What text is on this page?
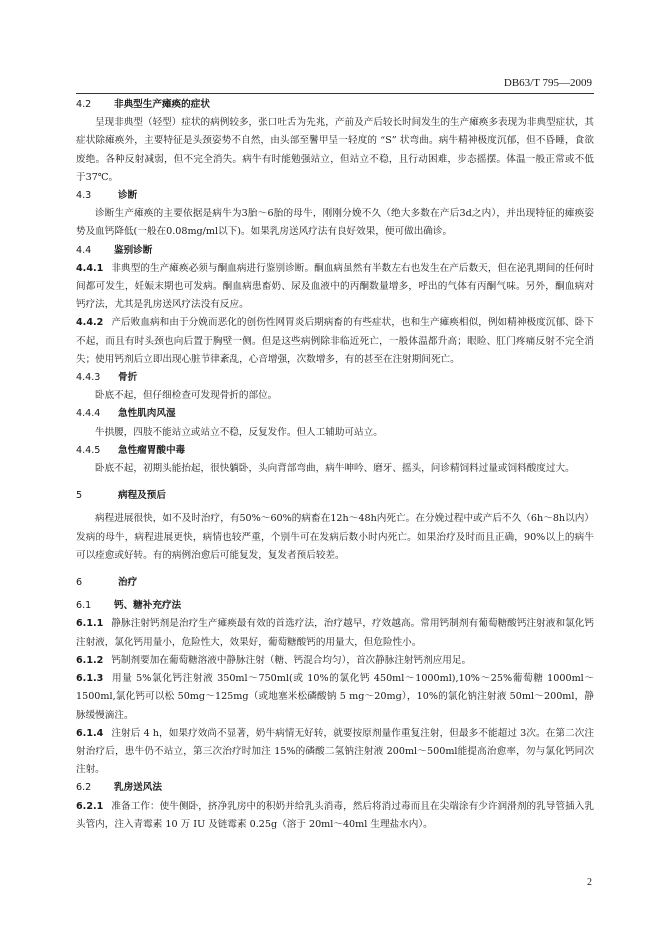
DB63/T 795—2009
4.2 非典型生产瘫痪的症状

呈现非典型（轻型）症状的病例较多，张口吐舌为先兆，产前及产后较长时间发生的生产瘫痪多表现为非典型症状，其症状除瘫痪外，主要特征是头颈姿势不自然，由头部至鬐甲呈一轻度的 “S” 状弯曲。病牛精神极度沉郁，但不昏睡，食欲废绝。各种反射减弱，但不完全消失。病牛有时能勉强站立，但站立不稳，且行动困难，步态摇摆。体温一般正常或不低于37℃。

4.3	诊断

诊断生产瘫痪的主要依据是病牛为3胎～6胎的母牛，刚刚分娩不久（绝大多数在产后3d之内），并出现特征的瘫痪姿势及血钙降低(一般在0.08mg/ml以下)。如果乳房送风疗法有良好效果，便可做出确诊。

4.4 鉴别诊断

4.4.1 非典型的生产瘫痪必须与酮血病进行鉴别诊断。酮血病虽然有半数左右也发生在产后数天，但在泌乳期间的任何时间都可发生，妊娠末期也可发病。酮血病患畜奶、尿及血液中的丙酮数量增多，呼出的气体有丙酮气味。另外，酮血病对钙疗法，尤其是乳房送风疗法没有反应。

4.4.2 产后败血病和由于分娩而恶化的创伤性网胃炎后期病畜的有些症状，也和生产瘫痪相似，例如精神极度沉郁、卧下不起，而且有时头颈也向后置于胸壁一侧。但是这些病例除非临近死亡，一般体温都升高；眼睑、肛门疼痛反射不完全消失；使用钙剂后立即出现心脏节律紊乱，心音增强，次数增多，有的甚至在注射期间死亡。

4.4.3 骨折

卧底不起，但仔细检查可发现骨折的部位。

4.4.4 急性肌肉风湿

牛拱腰，四肢不能站立或站立不稳，反复发作。但人工辅助可站立。

4.4.5 急性瘤胃酸中毒

卧底不起，初期头能抬起，很快躺卧，头向背部弯曲，病牛呻吟、磨牙、摇头，问诊精饲料过量或饲料酸度过大。

5	病程及预后

病程进展很快，如不及时治疗，有50%～60%的病畜在12h～48h内死亡。在分娩过程中或产后不久（6h～8h以内）发病的母牛，病程进展更快，病情也较严重，个别牛可在发病后数小时内死亡。如果治疗及时而且正确，90%以上的病牛可以痊愈或好转。有的病例治愈后可能复发，复发者预后较差。

6	治疗
6.1 钙、糖补充疗法

6.1.1 静脉注射钙剂是治疗生产瘫痪最有效的首选疗法，治疗越早，疗效越高。常用钙制剂有葡萄糖酸钙注射液和氯化钙注射液，氯化钙用量小，危险性大，效果好，葡萄糖酸钙的用量大，但危险性小。

6.1.2 钙制剂要加在葡萄糖溶液中静脉注射（糖、钙混合均匀），首次静脉注射钙剂应用足。

6.1.3 用量 5%氯化钙注射液 350ml～750ml(或 10%的氯化钙 450ml～1000ml),10%～25%葡萄糖 1000ml～1500ml,氯化钙可以松 50mg～125mg（或地塞米松磷酸钠 5 mg～20mg），10%的氯化钠注射液 50ml～200ml，静脉缓慢滴注。

6.1.4 注射后 4 h，如果疗效尚不显著，奶牛病情无好转，就要按原剂量作重复注射，但最多不能超过 3次。在第二次注射治疗后，患牛仍不站立，第三次治疗时加注 15%的磷酸二氢钠注射液 200ml～500ml能提高治愈率，勿与氯化钙同次注射。

6.2 乳房送风法

6.2.1 准备工作：使牛侧卧，挤净乳房中的积奶并给乳头消毒，然后将消过毒而且在尖端涂有少许润滑剂的乳导管插入乳头管内，注入青霉素 10 万 IU 及链霉素 0.25g（溶于 20ml～40ml 生理盐水内）。

2
